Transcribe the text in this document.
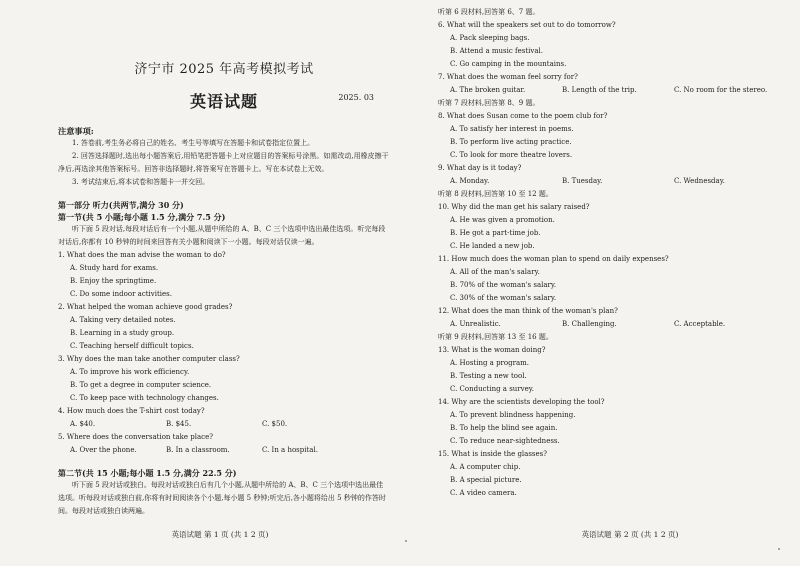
济宁市 2025 年高考模拟考试
英语试题	2025. 03
注意事项:

1. 答卷前,考生务必将自己的姓名、考生号等填写在答题卡和试卷指定位置上。

2. 回答选择题时,选出每小题答案后,用铅笔把答题卡上对应题目的答案标号涂黑。如需改动,用橡皮擦干净后,再选涂其他答案标号。回答非选择题时,将答案写在答题卡上。写在本试卷上无效。

3. 考试结束后,将本试卷和答题卡一并交回。

第一部分 听力(共两节,满分 30 分)
第一节(共 5 小题;每小题 1.5 分,满分 7.5 分)

听下面 5 段对话,每段对话后有一个小题,从题中所给的 A、B、C 三个选项中选出最佳选项。听完每段对话后,你都有 10 秒钟的时间来回答有关小题和阅读下一小题。每段对话仅读一遍。

1. What does the man advise the woman to do?

A. Study hard for exams.

B. Enjoy the springtime.

C. Do some indoor activities.

2. What helped the woman achieve good grades?

A. Taking very detailed notes.

B. Learning in a study group.

C. Teaching herself difficult topics.

3. Why does the man take another computer class?

A. To improve his work efficiency.

B. To get a degree in computer science.

C. To keep pace with technology changes.

4. How much does the T-shirt cost today?

A. $40.	B. $45.	C. $50.

5. Where does the conversation take place?

A. Over the phone.	B. In a classroom.	C. In a hospital.
第二节(共 15 小题;每小题 1.5 分,满分 22.5 分)

听下面 5 段对话或独白。每段对话或独白后有几个小题,从题中所给的 A、B、C 三个选项中选出最佳选项。听每段对话或独白前,你将有时间阅读各个小题,每小题 5 秒钟;听完后,各小题将给出 5 秒钟的作答时间。每段对话或独白读两遍。

英语试题 第 1 页 (共 1 2 页)

听第 6 段材料,回答第 6、7 题。

6. What will the speakers set out to do tomorrow?

A. Pack sleeping bags.

B. Attend a music festival.

C. Go camping in the mountains.

7. What does the woman feel sorry for?

A. The broken guitar.	B. Length of the trip.	C. No room for the stereo.

听第 7 段材料,回答第 8、9 题。

8. What does Susan come to the poem club for?

A. To satisfy her interest in poems.

B. To perform live acting practice.

C. To look for more theatre lovers.

9. What day is it today?

A. Monday.	B. Tuesday.	C. Wednesday.

听第 8 段材料,回答第 10 至 12 题。

10. Why did the man get his salary raised?

A. He was given a promotion.

B. He got a part-time job.

C. He landed a new job.

11. How much does the woman plan to spend on daily expenses?

A. All of the man's salary.

B. 70% of the woman's salary.

C. 30% of the woman's salary.

12. What does the man think of the woman's plan?

A. Unrealistic.	B. Challenging.	C. Acceptable.

听第 9 段材料,回答第 13 至 16 题。

13. What is the woman doing?

A. Hosting a program.

B. Testing a new tool.

C. Conducting a survey.

14. Why are the scientists developing the tool?

A. To prevent blindness happening.

B. To help the blind see again.

C. To reduce near-sightedness.

15. What is inside the glasses?

A. A computer chip.

B. A special picture.

C. A video camera.

英语试题 第 2 页 (共 1 2 页)
